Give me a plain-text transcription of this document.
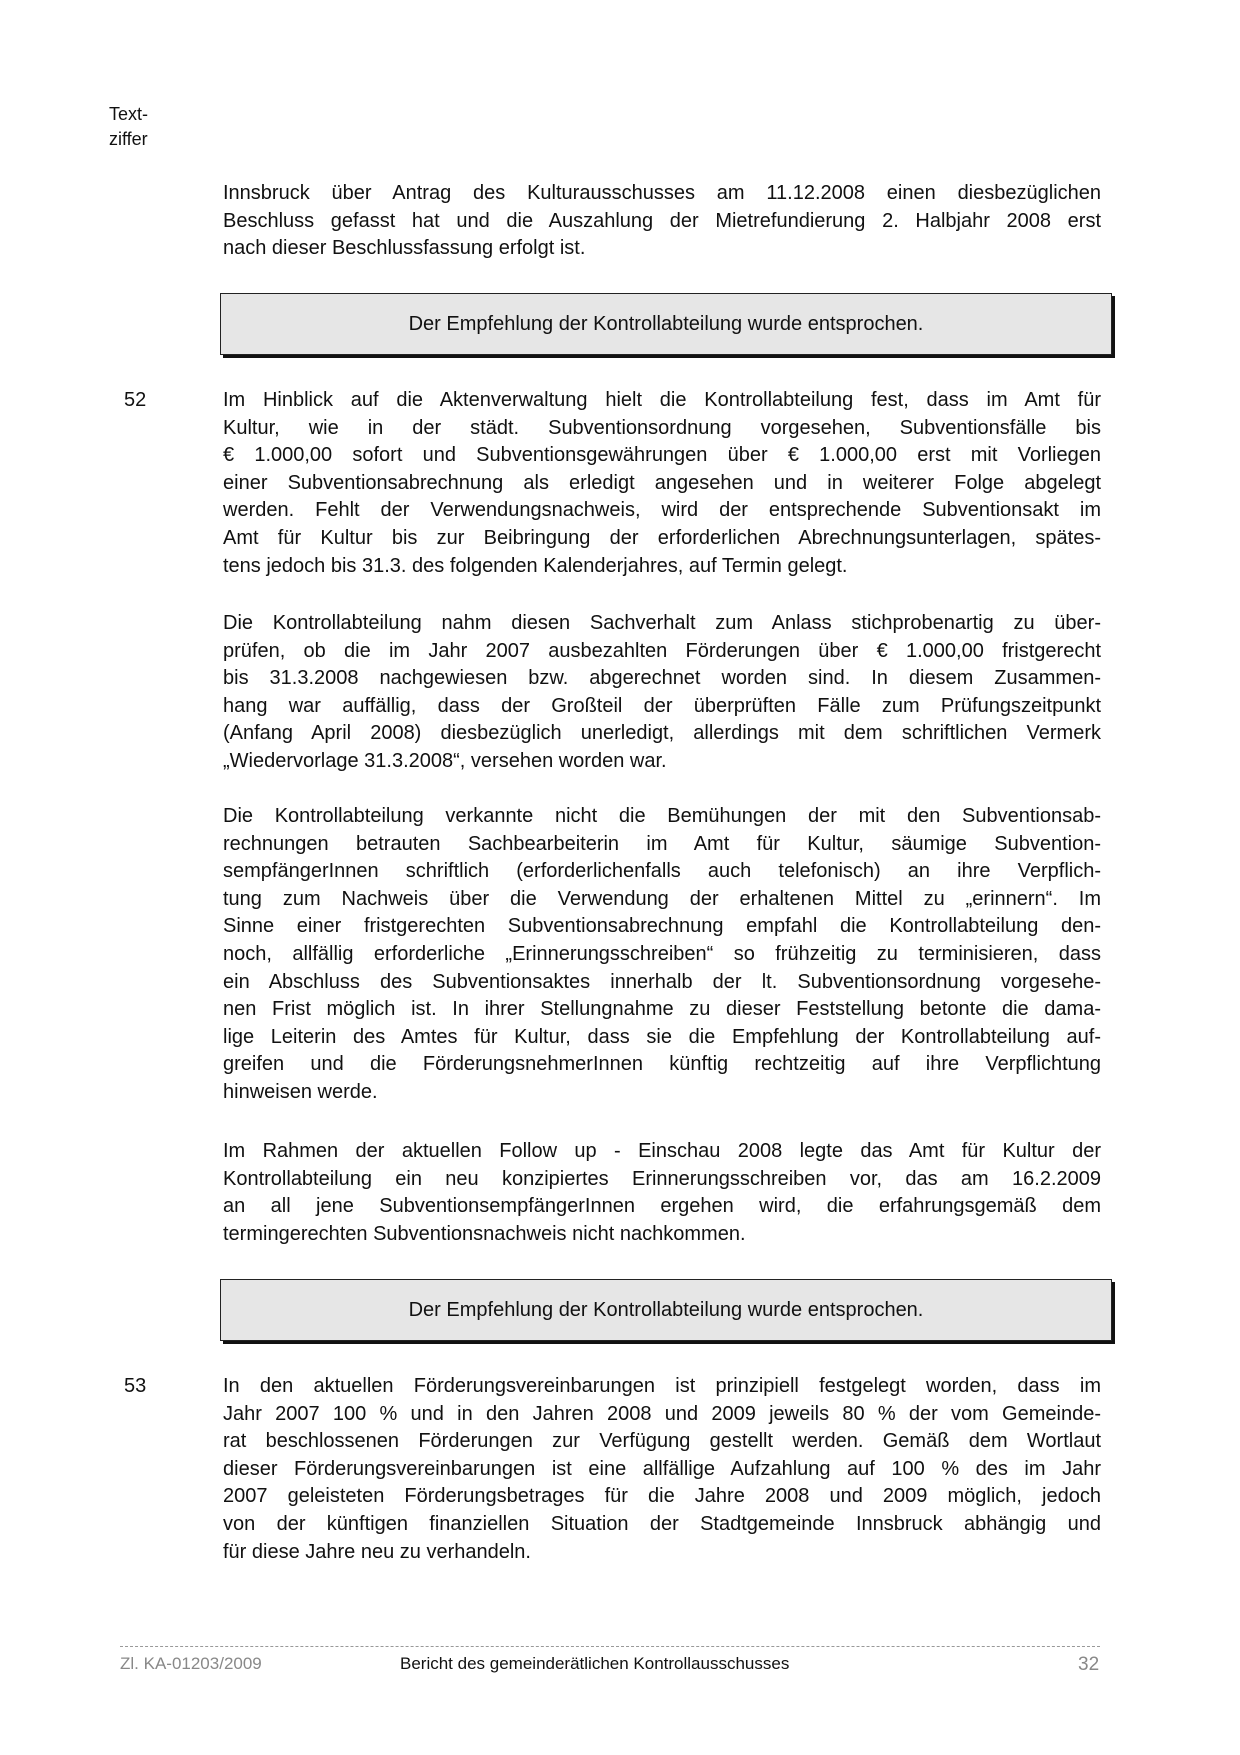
Text-
ziffer
Innsbruck über Antrag des Kulturausschusses am 11.12.2008 einen diesbezüglichen
Beschluss gefasst hat und die Auszahlung der Mietrefundierung 2. Halbjahr 2008 erst
nach dieser Beschlussfassung erfolgt ist.
Der Empfehlung der Kontrollabteilung wurde entsprochen.
52	Im Hinblick auf die Aktenverwaltung hielt die Kontrollabteilung fest, dass im Amt für
Kultur, wie in der städt. Subventionsordnung vorgesehen, Subventionsfälle bis
€ 1.000,00 sofort und Subventionsgewährungen über € 1.000,00 erst mit Vorliegen
einer Subventionsabrechnung als erledigt angesehen und in weiterer Folge abgelegt
werden. Fehlt der Verwendungsnachweis, wird der entsprechende Subventionsakt im
Amt für Kultur bis zur Beibringung der erforderlichen Abrechnungsunterlagen, spätes-
tens jedoch bis 31.3. des folgenden Kalenderjahres, auf Termin gelegt.
Die Kontrollabteilung nahm diesen Sachverhalt zum Anlass stichprobenartig zu über-
prüfen, ob die im Jahr 2007 ausbezahlten Förderungen über € 1.000,00 fristgerecht
bis 31.3.2008 nachgewiesen bzw. abgerechnet worden sind. In diesem Zusammen-
hang war auffällig, dass der Großteil der überprüften Fälle zum Prüfungszeitpunkt
(Anfang April 2008) diesbezüglich unerledigt, allerdings mit dem schriftlichen Vermerk
„Wiedervorlage 31.3.2008“, versehen worden war.
Die Kontrollabteilung verkannte nicht die Bemühungen der mit den Subventionsab-
rechnungen betrauten Sachbearbeiterin im Amt für Kultur, säumige Subvention-
sempfängerInnen schriftlich (erforderlichenfalls auch telefonisch) an ihre Verpflich-
tung zum Nachweis über die Verwendung der erhaltenen Mittel zu „erinnern“. Im
Sinne einer fristgerechten Subventionsabrechnung empfahl die Kontrollabteilung den-
noch, allfällig erforderliche „Erinnerungsschreiben“ so frühzeitig zu terminisieren, dass
ein Abschluss des Subventionsaktes innerhalb der lt. Subventionsordnung vorgesehe-
nen Frist möglich ist. In ihrer Stellungnahme zu dieser Feststellung betonte die dama-
lige Leiterin des Amtes für Kultur, dass sie die Empfehlung der Kontrollabteilung auf-
greifen und die FörderungsnehmerInnen künftig rechtzeitig auf ihre Verpflichtung
hinweisen werde.
Im Rahmen der aktuellen Follow up - Einschau 2008 legte das Amt für Kultur der
Kontrollabteilung ein neu konzipiertes Erinnerungsschreiben vor, das am 16.2.2009
an all jene SubventionsempfängerInnen ergehen wird, die erfahrungsgemäß dem
termingerechten Subventionsnachweis nicht nachkommen.
Der Empfehlung der Kontrollabteilung wurde entsprochen.
53	In den aktuellen Förderungsvereinbarungen ist prinzipiell festgelegt worden, dass im
Jahr 2007 100 % und in den Jahren 2008 und 2009 jeweils 80 % der vom Gemeinde-
rat beschlossenen Förderungen zur Verfügung gestellt werden. Gemäß dem Wortlaut
dieser Förderungsvereinbarungen ist eine allfällige Aufzahlung auf 100 % des im Jahr
2007 geleisteten Förderungsbetrages für die Jahre 2008 und 2009 möglich, jedoch
von der künftigen finanziellen Situation der Stadtgemeinde Innsbruck abhängig und
für diese Jahre neu zu verhandeln.
Zl. KA-01203/2009	Bericht des gemeinderätlichen Kontrollausschusses	32
